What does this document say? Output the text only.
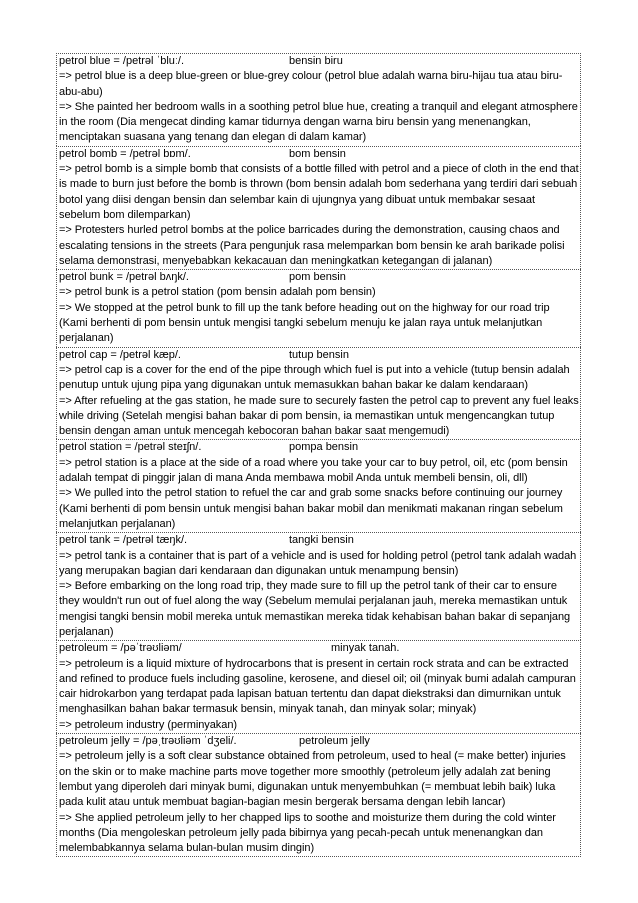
petrol blue = /petrəl ˈbluː/.	bensin biru
=> petrol blue is a deep blue-green or blue-grey colour (petrol blue adalah warna biru-hijau tua atau biru-abu-abu)
=> She painted her bedroom walls in a soothing petrol blue hue, creating a tranquil and elegant atmosphere in the room (Dia mengecat dinding kamar tidurnya dengan warna biru bensin yang menenangkan, menciptakan suasana yang tenang dan elegan di dalam kamar)
petrol bomb = /petrəl bɒm/.	bom bensin
=> petrol bomb is a simple bomb that consists of a bottle filled with petrol and a piece of cloth in the end that is made to burn just before the bomb is thrown (bom bensin adalah bom sederhana yang terdiri dari sebuah botol yang diisi dengan bensin dan selembar kain di ujungnya yang dibuat untuk membakar sesaat sebelum bom dilemparkan)
=> Protesters hurled petrol bombs at the police barricades during the demonstration, causing chaos and escalating tensions in the streets (Para pengunjuk rasa melemparkan bom bensin ke arah barikade polisi selama demonstrasi, menyebabkan kekacauan dan meningkatkan ketegangan di jalanan)
petrol bunk = /petrəl bʌŋk/.	pom bensin
=> petrol bunk is a petrol station (pom bensin adalah pom bensin)
=> We stopped at the petrol bunk to fill up the tank before heading out on the highway for our road trip (Kami berhenti di pom bensin untuk mengisi tangki sebelum menuju ke jalan raya untuk melanjutkan perjalanan)
petrol cap = /petrəl kæp/.	tutup bensin
=> petrol cap is a cover for the end of the pipe through which fuel is put into a vehicle (tutup bensin adalah penutup untuk ujung pipa yang digunakan untuk memasukkan bahan bakar ke dalam kendaraan)
=> After refueling at the gas station, he made sure to securely fasten the petrol cap to prevent any fuel leaks while driving (Setelah mengisi bahan bakar di pom bensin, ia memastikan untuk mengencangkan tutup bensin dengan aman untuk mencegah kebocoran bahan bakar saat mengemudi)
petrol station = /petrəl steɪʃn/.	pompa bensin
=> petrol station is a place at the side of a road where you take your car to buy petrol, oil, etc (pom bensin adalah tempat di pinggir jalan di mana Anda membawa mobil Anda untuk membeli bensin, oli, dll)
=> We pulled into the petrol station to refuel the car and grab some snacks before continuing our journey (Kami berhenti di pom bensin untuk mengisi bahan bakar mobil dan menikmati makanan ringan sebelum melanjutkan perjalanan)
petrol tank = /petrəl tæŋk/.	tangki bensin
=> petrol tank is a container that is part of a vehicle and is used for holding petrol (petrol tank adalah wadah yang merupakan bagian dari kendaraan dan digunakan untuk menampung bensin)
=> Before embarking on the long road trip, they made sure to fill up the petrol tank of their car to ensure they wouldn't run out of fuel along the way (Sebelum memulai perjalanan jauh, mereka memastikan untuk mengisi tangki bensin mobil mereka untuk memastikan mereka tidak kehabisan bahan bakar di sepanjang perjalanan)
petroleum = /pəˈtrəʊliəm/	minyak tanah.
=> petroleum is a liquid mixture of hydrocarbons that is present in certain rock strata and can be extracted and refined to produce fuels including gasoline, kerosene, and diesel oil; oil (minyak bumi adalah campuran cair hidrokarbon yang terdapat pada lapisan batuan tertentu dan dapat diekstraksi dan dimurnikan untuk menghasilkan bahan bakar termasuk bensin, minyak tanah, dan minyak solar; minyak)
=> petroleum industry (perminyakan)
petroleum jelly = /pəˌtrəʊliəm ˈdʒeli/.	petroleum jelly
=> petroleum jelly is a soft clear substance obtained from petroleum, used to heal (= make better) injuries on the skin or to make machine parts move together more smoothly (petroleum jelly adalah zat bening lembut yang diperoleh dari minyak bumi, digunakan untuk menyembuhkan (= membuat lebih baik) luka pada kulit atau untuk membuat bagian-bagian mesin bergerak bersama dengan lebih lancar)
=> She applied petroleum jelly to her chapped lips to soothe and moisturize them during the cold winter months (Dia mengoleskan petroleum jelly pada bibirnya yang pecah-pecah untuk menenangkan dan melembabkannya selama bulan-bulan musim dingin)
